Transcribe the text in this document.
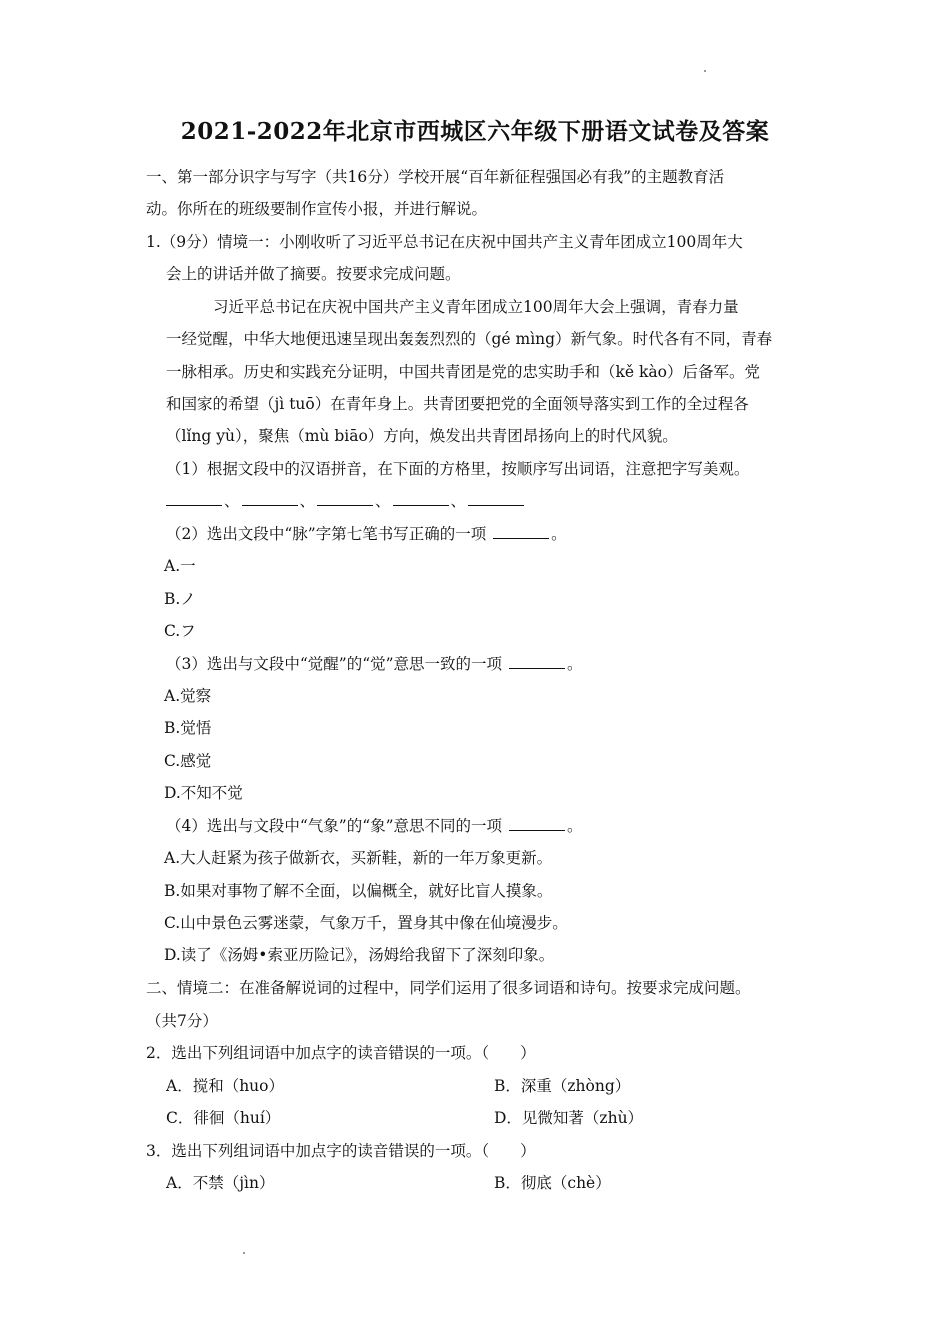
2021-2022年北京市西城区六年级下册语文试卷及答案
一、第一部分识字与写字（共16分）学校开展“百年新征程强国必有我”的主题教育活
动。你所在的班级要制作宣传小报，并进行解说。
1.（9分）情境一：小刚收听了习近平总书记在庆祝中国共产主义青年团成立100周年大
会上的讲话并做了摘要。按要求完成问题。
习近平总书记在庆祝中国共产主义青年团成立100周年大会上强调，青春力量
一经觉醒，中华大地便迅速呈现出轰轰烈烈的（gé mìng）新气象。时代各有不同，青春
一脉相承。历史和实践充分证明，中国共青团是党的忠实助手和（kě kào）后备军。党
和国家的希望（jì tuō）在青年身上。共青团要把党的全面领导落实到工作的全过程各
（lǐng yù），聚焦（mù biāo）方向，焕发出共青团昂扬向上的时代风貌。
（1）根据文段中的汉语拼音，在下面的方格里，按顺序写出词语，注意把字写美观。
、	、	、	、
（2）选出文段中“脉”字第七笔书写正确的一项	。
A.一
B.ノ
C.フ
（3）选出与文段中“觉醒”的“觉”意思一致的一项	。
A.觉察
B.觉悟
C.感觉
D.不知不觉
（4）选出与文段中“气象”的“象”意思不同的一项	。
A.大人赶紧为孩子做新衣，买新鞋，新的一年万象更新。
B.如果对事物了解不全面，以偏概全，就好比盲人摸象。
C.山中景色云雾迷蒙，气象万千，置身其中像在仙境漫步。
D.读了《汤姆•索亚历险记》，汤姆给我留下了深刻印象。
二、情境二：在准备解说词的过程中，同学们运用了很多词语和诗句。按要求完成问题。
（共7分）
2．选出下列组词语中加点字的读音错误的一项。（　　）
A．搅和（huo）	B．深重（zhòng）
C．徘徊（huí）	D．见微知著（zhù）
3．选出下列组词语中加点字的读音错误的一项。（　　）
A．不禁（jìn）	B．彻底（chè）
